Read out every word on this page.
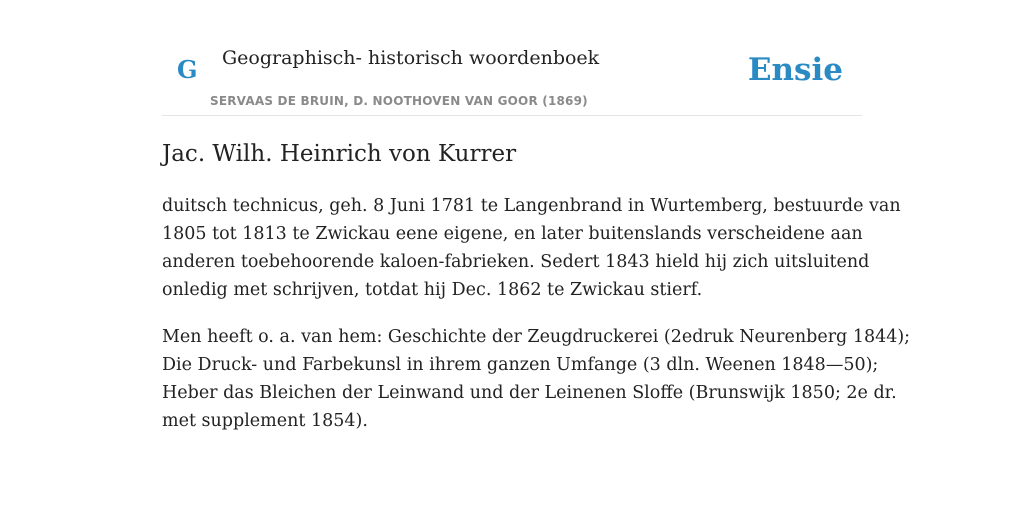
G Geographisch- historisch woordenboek
SERVAAS DE BRUIN, D. NOOTHOVEN VAN GOOR (1869)
Ensie
Jac. Wilh. Heinrich von Kurrer
duitsch technicus, geh. 8 Juni 1781 te Langenbrand in Wurtemberg, bestuurde van
1805 tot 1813 te Zwickau eene eigene, en later buitenslands verscheidene aan
anderen toebehoorende kaloen-fabrieken. Sedert 1843 hield hij zich uitsluitend
onledig met schrijven, totdat hij Dec. 1862 te Zwickau stierf.
Men heeft o. a. van hem: Geschichte der Zeugdruckerei (2edruk Neurenberg 1844);
Die Druck- und Farbekunsl in ihrem ganzen Umfange (3 dln. Weenen 1848—50);
Heber das Bleichen der Leinwand und der Leinenen Sloffe (Brunswijk 1850; 2e dr.
met supplement 1854).
